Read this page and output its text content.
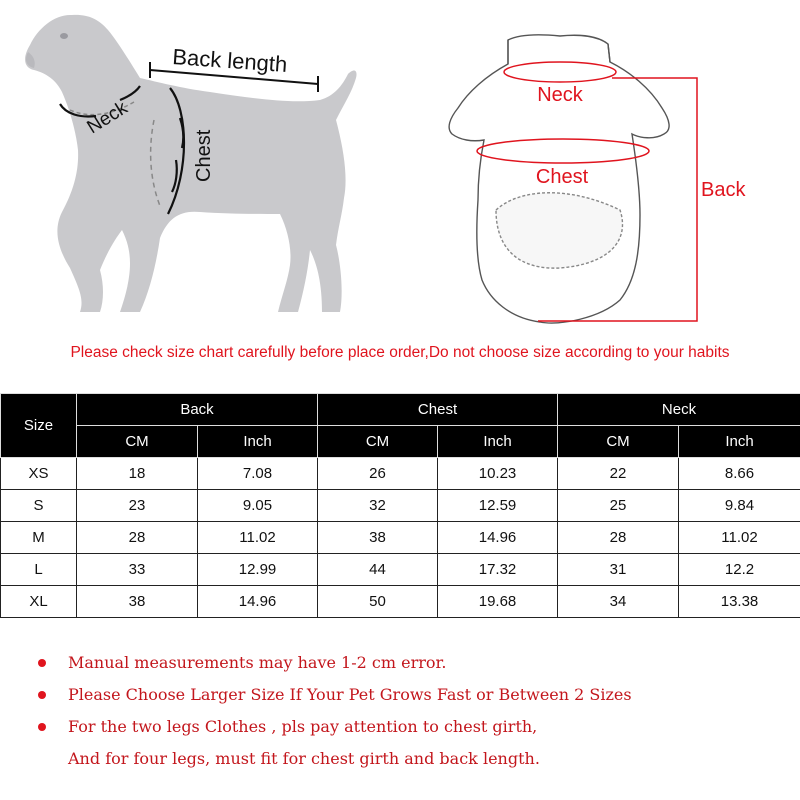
Back length
Neck
Chest
Neck
Chest
Back
Please check size chart carefully before place order,Do not choose size according to your habits
Size	Back		Chest		Neck	
	CM	Inch	CM	Inch	CM	Inch
XS	18	7.08	26	10.23	22	8.66
S	23	9.05	32	12.59	25	9.84
M	28	11.02	38	14.96	28	11.02
L	33	12.99	44	17.32	31	12.2
XL	38	14.96	50	19.68	34	13.38
Manual measurements may have 1-2 cm error.
Please Choose Larger Size If Your Pet Grows Fast or Between 2 Sizes
For the two legs Clothes , pls pay attention to chest girth,
And for four legs, must fit for chest girth and back length.
